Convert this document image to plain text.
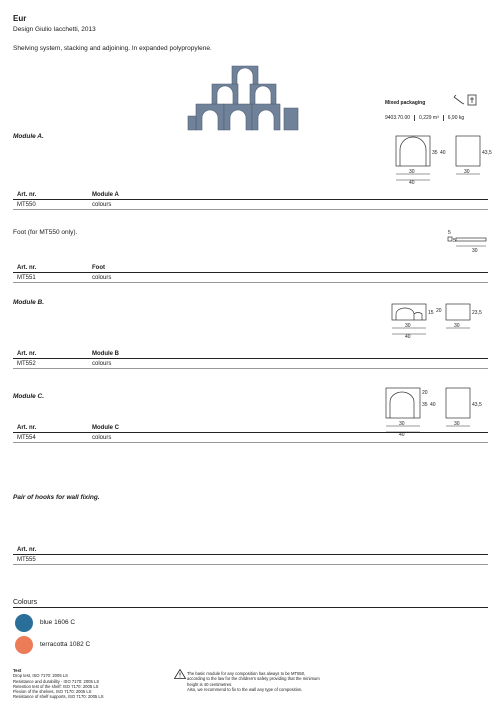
Eur
Design Giulio Iacchetti, 2013
Shelving system, stacking and adjoining. In expanded polypropylene.
Mixed packaging
9403.70.00	0,229 m³	6,90 kg
Module A.
35 40	43,5
30
40
30
Art. nr.	Module A
MT550	colours
Foot (for MT550 only).	5
5
30
Art. nr.	Foot
MT551	colours
Module B.
15 20	23,5
30
40
30
Art. nr.	Module B
MT552	colours
Module C.	20
35 40	43,5
30
40
30
Art. nr.	Module C
MT554	colours
Pair of hooks for wall fixing.
Art. nr.
MT555
Colours
blue 1606 C
terracotta 1082 C
Test
Drop test, ISO 7170: 2005 LS
Resistance and durability - ISO 7170: 2005 LS
Retention test of the shelf: ISO 7170: 2005 LS
Flexion of the shelves, ISO 7170: 2005 LS
Resistance of shelf supports, ISO 7170: 2005 LS
The basic module for any composition has always to be MT550,
according to the law for the children's safety providing that the minimum
height is 40 centimetres.
Also, we recommend to fix to the wall any type of composition.
